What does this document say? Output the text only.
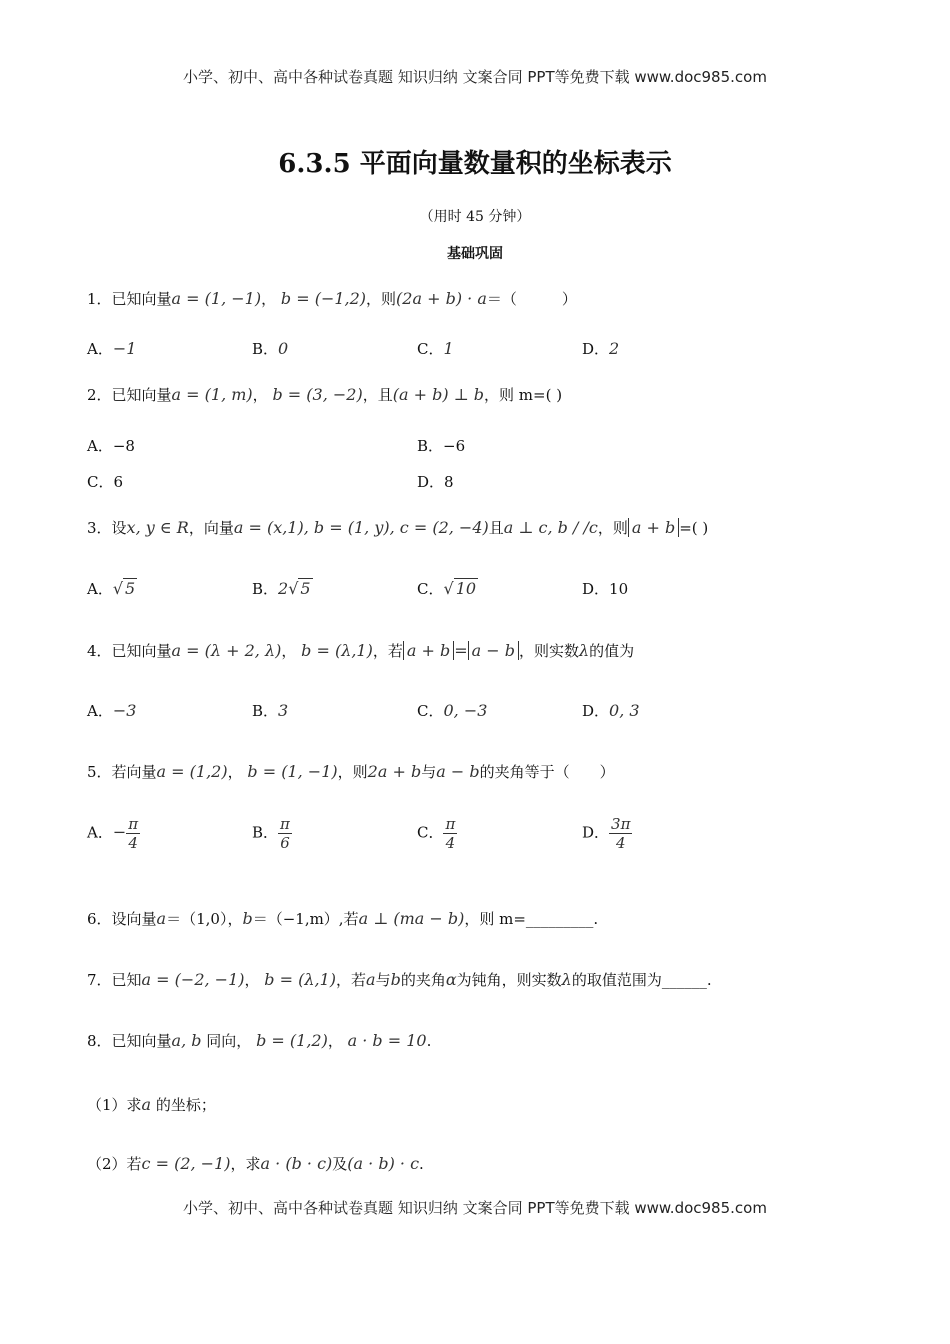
小学、初中、高中各种试卷真题 知识归纳 文案合同 PPT等免费下载 www.doc985.com
6.3.5 平面向量数量积的坐标表示
（用时 45 分钟）
基础巩固
1．已知向量a = (1, −1)， b = (−1,2)，则(2a + b) · a＝（　　　）
A．−1	B．0	C．1	D．2
2．已知向量a = (1, m)， b = (3, −2)，且(a + b) ⊥ b，则 m=( )
A．−8	B．−6
C．6	D．8
3．设x, y ∈ R，向量a = (x,1), b = (1, y), c = (2, −4)且a ⊥ c, b / /c，则 a + b =( )
A．√ 5	B．2√ 5	C．√ 10	D．10
4．已知向量a = (λ + 2, λ)， b = (λ,1)，若 a + b = a − b ，则实数λ的值为
A．−3	B．3	C．0, −3	D．0, 3
5．若向量a = (1,2)， b = (1, −1)，则2a + b与a − b的夹角等于（　　）
A．− $\frac{\pi}{4}$	B． $\frac{\pi}{6}$	C． $\frac{\pi}{4}$	D． $\frac{3\pi}{4}$
6．设向量a＝（1,0），b＝（−1,m）,若a ⊥ (ma − b)，则 m=_________.
7．已知a = (−2, −1)， b = (λ,1)，若a与b的夹角α为钝角，则实数λ的取值范围为______.
8．已知向量a, b 同向， b = (1,2)， a · b = 10.
（1）求a 的坐标；
（2）若c = (2, −1)，求a · (b · c)及(a · b) · c.
小学、初中、高中各种试卷真题 知识归纳 文案合同 PPT等免费下载 www.doc985.com
